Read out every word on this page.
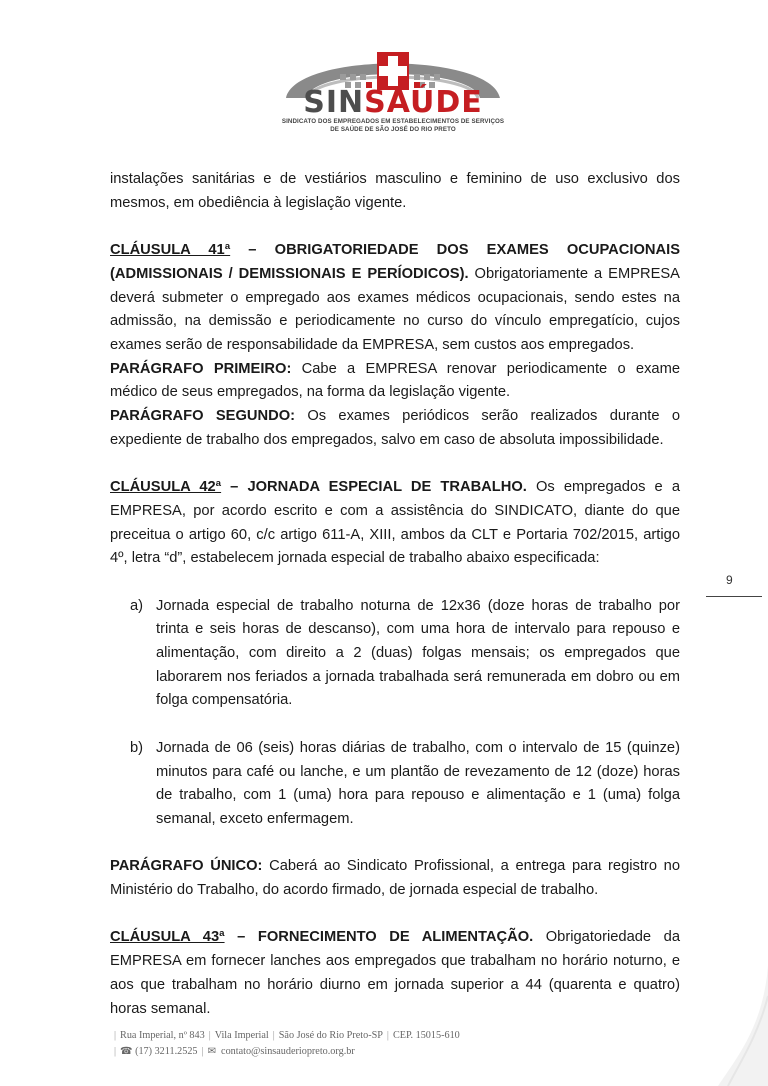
SINSAÚDE
SINDICATO DOS EMPREGADOS EM ESTABELECIMENTOS DE SERVIÇOS
DE SAÚDE DE SÃO JOSÉ DO RIO PRETO

instalações sanitárias e de vestiários masculino e feminino de uso exclusivo dos mesmos, em obediência à legislação vigente.

CLÁUSULA 41ª – OBRIGATORIEDADE DOS EXAMES OCUPACIONAIS (ADMISSIONAIS / DEMISSIONAIS E PERÍODICOS). Obrigatoriamente a EMPRESA deverá submeter o empregado aos exames médicos ocupacionais, sendo estes na admissão, na demissão e periodicamente no curso do vínculo empregatício, cujos exames serão de responsabilidade da EMPRESA, sem custos aos empregados.

PARÁGRAFO PRIMEIRO: Cabe a EMPRESA renovar periodicamente o exame médico de seus empregados, na forma da legislação vigente.

PARÁGRAFO SEGUNDO: Os exames periódicos serão realizados durante o expediente de trabalho dos empregados, salvo em caso de absoluta impossibilidade.

CLÁUSULA 42ª – JORNADA ESPECIAL DE TRABALHO. Os empregados e a EMPRESA, por acordo escrito e com a assistência do SINDICATO, diante do que preceitua o artigo 60, c/c artigo 611-A, XIII, ambos da CLT e Portaria 702/2015, artigo 4º, letra “d”, estabelecem jornada especial de trabalho abaixo especificada:

a) Jornada especial de trabalho noturna de 12x36 (doze horas de trabalho por trinta e seis horas de descanso), com uma hora de intervalo para repouso e alimentação, com direito a 2 (duas) folgas mensais; os empregados que laborarem nos feriados a jornada trabalhada será remunerada em dobro ou em folga compensatória.
b) Jornada de 06 (seis) horas diárias de trabalho, com o intervalo de 15 (quinze) minutos para café ou lanche, e um plantão de revezamento de 12 (doze) horas de trabalho, com 1 (uma) hora para repouso e alimentação e 1 (uma) folga semanal, exceto enfermagem.

PARÁGRAFO ÚNICO: Caberá ao Sindicato Profissional, a entrega para registro no Ministério do Trabalho, do acordo firmado, de jornada especial de trabalho.

CLÁUSULA 43ª – FORNECIMENTO DE ALIMENTAÇÃO. Obrigatoriedade da EMPRESA em fornecer lanches aos empregados que trabalham no horário noturno, e aos que trabalham no horário diurno em jornada superior a 44 (quarenta e quatro) horas semanal.

9
| Rua Imperial, nº 843 | Vila Imperial | São José do Rio Preto-SP | CEP. 15015-610
| ☎ (17) 3211.2525 | ✉ contato@sinsauderiopreto.org.br
